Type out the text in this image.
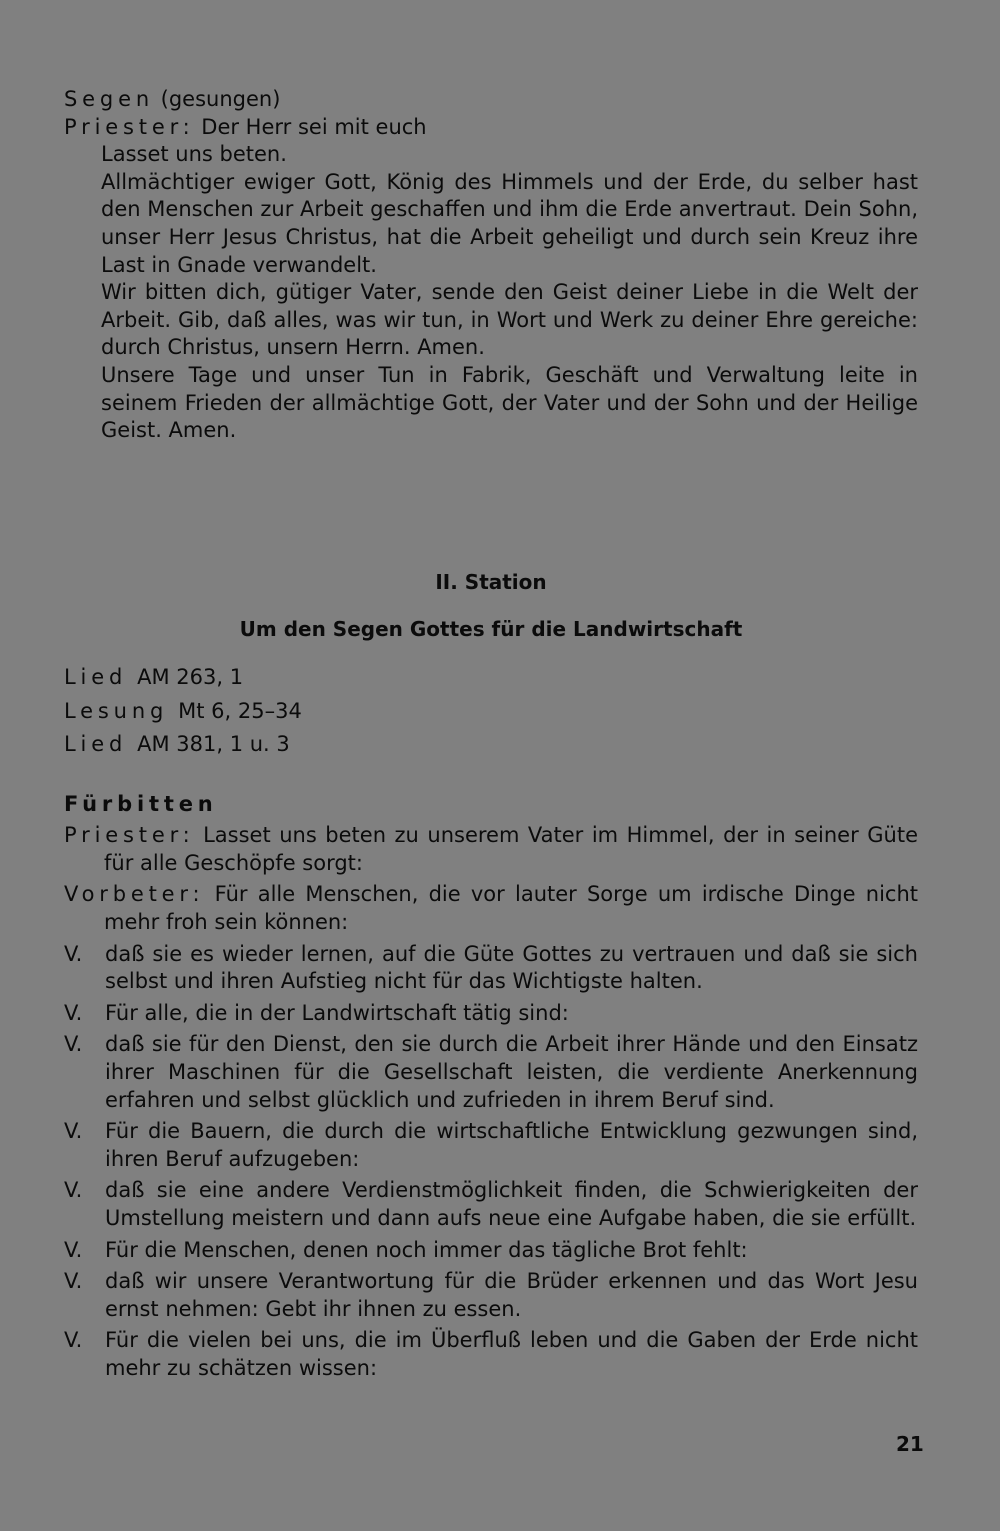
Segen (gesungen)

Priester: Der Herr sei mit euch

Lasset uns beten.

Allmächtiger ewiger Gott, König des Himmels und der Erde, du selber hast den Menschen zur Arbeit geschaffen und ihm die Erde anvertraut. Dein Sohn, unser Herr Jesus Christus, hat die Arbeit geheiligt und durch sein Kreuz ihre Last in Gnade verwandelt.

Wir bitten dich, gütiger Vater, sende den Geist deiner Liebe in die Welt der Arbeit. Gib, daß alles, was wir tun, in Wort und Werk zu deiner Ehre gereiche: durch Christus, unsern Herrn. Amen.

Unsere Tage und unser Tun in Fabrik, Geschäft und Verwaltung leite in seinem Frieden der allmächtige Gott, der Vater und der Sohn und der Heilige Geist. Amen.

II. Station

Um den Segen Gottes für die Landwirtschaft

Lied AM 263, 1

Lesung Mt 6, 25–34

Lied AM 381, 1 u. 3

Fürbitten

Priester: Lasset uns beten zu unserem Vater im Himmel, der in seiner Güte für alle Geschöpfe sorgt:

Vorbeter: Für alle Menschen, die vor lauter Sorge um irdische Dinge nicht mehr froh sein können:

V. daß sie es wieder lernen, auf die Güte Gottes zu vertrauen und daß sie sich selbst und ihren Aufstieg nicht für das Wichtigste halten.
V. Für alle, die in der Landwirtschaft tätig sind:
V. daß sie für den Dienst, den sie durch die Arbeit ihrer Hände und den Einsatz ihrer Maschinen für die Gesellschaft leisten, die verdiente Anerkennung erfahren und selbst glücklich und zufrieden in ihrem Beruf sind.
V. Für die Bauern, die durch die wirtschaftliche Entwicklung gezwungen sind, ihren Beruf aufzugeben:
V. daß sie eine andere Verdienstmöglichkeit finden, die Schwierigkeiten der Umstellung meistern und dann aufs neue eine Aufgabe haben, die sie erfüllt.
V. Für die Menschen, denen noch immer das tägliche Brot fehlt:
V. daß wir unsere Verantwortung für die Brüder erkennen und das Wort Jesu ernst nehmen: Gebt ihr ihnen zu essen.
V. Für die vielen bei uns, die im Überfluß leben und die Gaben der Erde nicht mehr zu schätzen wissen:
21
